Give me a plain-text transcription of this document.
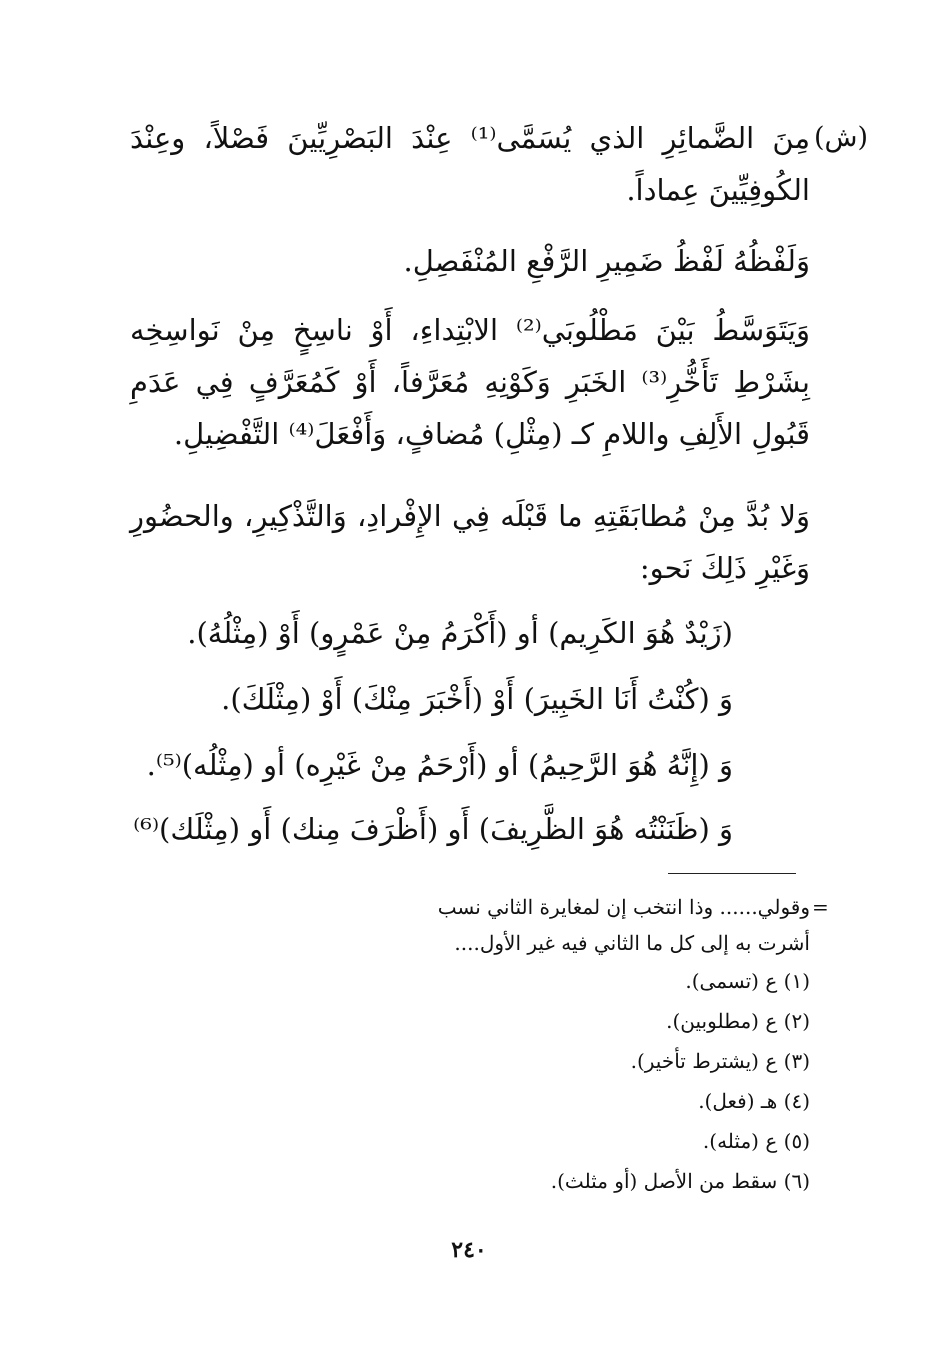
(ش)
مِنَ الضَّمائِرِ الذي يُسَمَّى⁽¹⁾ عِنْدَ البَصْرِيِّينَ فَصْلاً، وعِنْدَ الكُوفِيِّينَ عِماداً.
وَلَفْظُهُ لَفْظُ ضَمِيرِ الرَّفْعِ المُنْفَصِلِ.
وَيَتَوَسَّطُ بَيْنَ مَطْلُوبَي⁽²⁾ الابْتِداءِ، أَوْ ناسِخٍ مِنْ نَواسِخِه بِشَرْطِ تَأَخُّرِ⁽³⁾ الخَبَرِ وَكَوْنِهِ مُعَرَّفاً، أَوْ كَمُعَرَّفٍ فِي عَدَمِ قَبُولِ الأَلِفِ واللامِ كـ (مِثْلِ) مُضافٍ، وَأَفْعَلَ⁽⁴⁾ التَّفْضِيلِ.
وَلا بُدَّ مِنْ مُطابَقَتِهِ ما قَبْلَه فِي الإِفْرادِ، وَالتَّذْكِيرِ، والحضُورِ وَغَيْرِ ذَلِكَ نَحو:
(زَيْدٌ هُوَ الكَرِيم) أو (أَكْرَمُ مِنْ عَمْرٍو) أَوْ (مِثْلُهُ).
وَ (كُنْتُ أَنَا الخَبِيرَ) أَوْ (أَخْبَرَ مِنْكَ) أَوْ (مِثْلَكَ).
وَ (إِنَّهُ هُوَ الرَّحِيمُ) أو (أَرْحَمُ مِنْ غَيْرِه) أو (مِثْلُه)⁽⁵⁾.
وَ (ظَنَنْتُه هُوَ الظَّرِيفَ) أَو (أَظْرَفَ مِنك) أَو (مِثْلَك)⁽⁶⁾
=
وقولي...... وذا انتخب إن لمغايرة الثاني نسب
أشرت به إلى كل ما الثاني فيه غير الأول....
(١) ع (تسمى).
(٢) ع (مطلوبين).
(٣) ع (يشترط تأخير).
(٤) هـ (فعل).
(٥) ع (مثله).
(٦) سقط من الأصل (أو مثلث).
٢٤٠
